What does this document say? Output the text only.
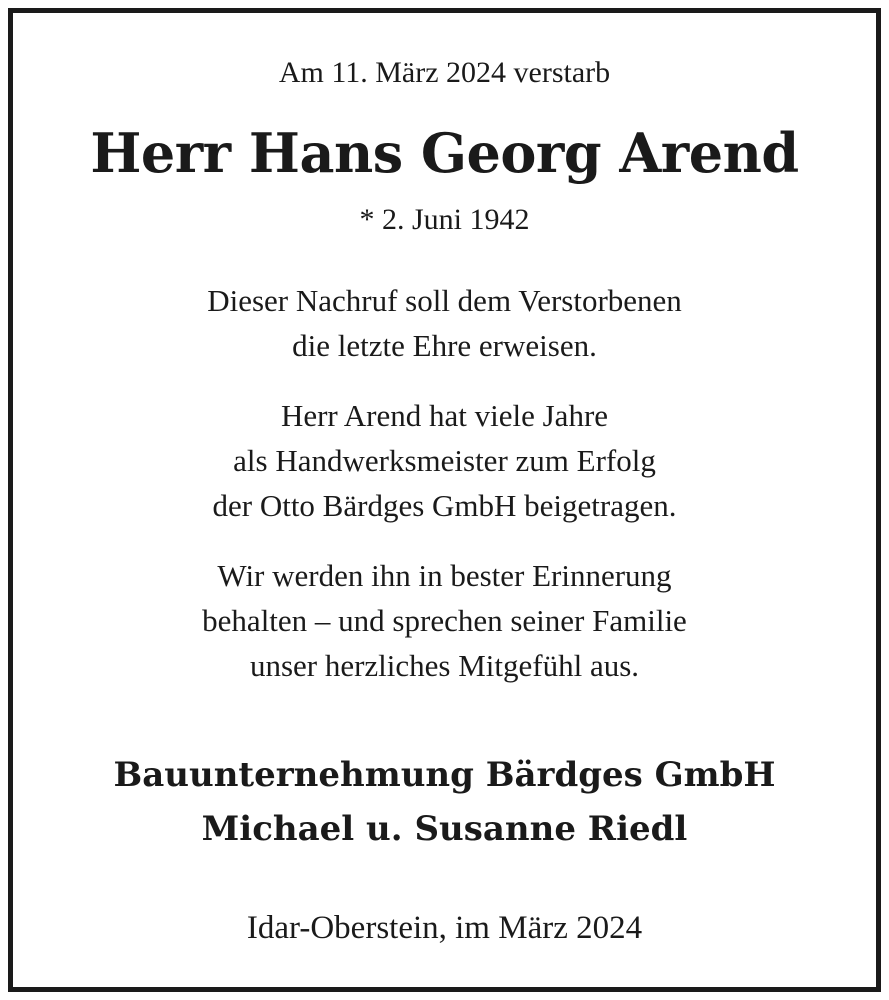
Am 11. März 2024 verstarb
Herr Hans Georg Arend
* 2. Juni 1942
Dieser Nachruf soll dem Verstorbenen
die letzte Ehre erweisen.
Herr Arend hat viele Jahre
als Handwerksmeister zum Erfolg
der Otto Bärdges GmbH beigetragen.
Wir werden ihn in bester Erinnerung
behalten – und sprechen seiner Familie
unser herzliches Mitgefühl aus.
Bauunternehmung Bärdges GmbH
Michael u. Susanne Riedl
Idar-Oberstein, im März 2024
